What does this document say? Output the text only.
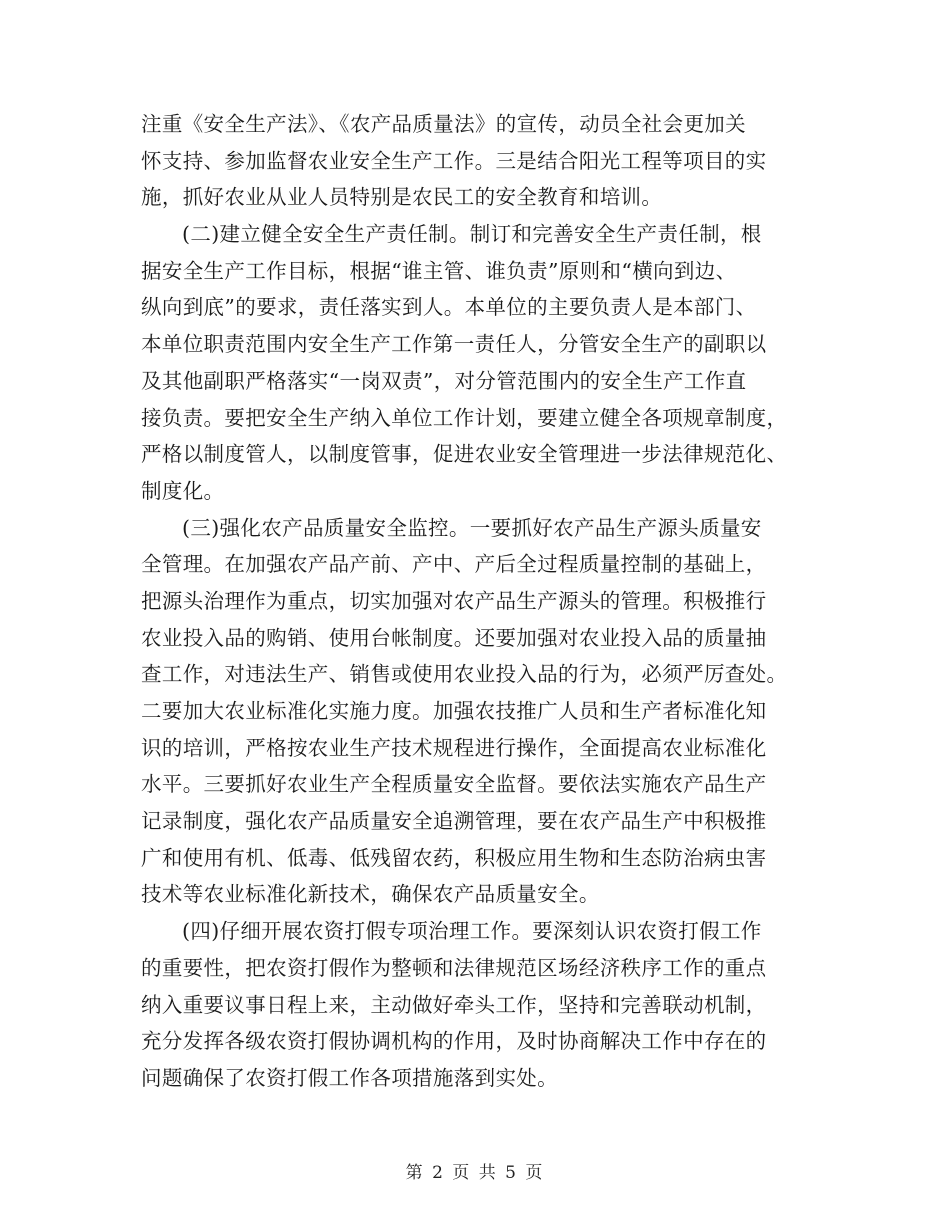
注重《安全生产法》、《农产品质量法》的宣传，动员全社会更加关
怀支持、参加监督农业安全生产工作。三是结合阳光工程等项目的实
施，抓好农业从业人员特别是农民工的安全教育和培训。
(二)建立健全安全生产责任制。制订和完善安全生产责任制，根
据安全生产工作目标，根据“谁主管、谁负责”原则和“横向到边、
纵向到底”的要求，责任落实到人。本单位的主要负责人是本部门、
本单位职责范围内安全生产工作第一责任人，分管安全生产的副职以
及其他副职严格落实“一岗双责”，对分管范围内的安全生产工作直
接负责。要把安全生产纳入单位工作计划，要建立健全各项规章制度，
严格以制度管人，以制度管事，促进农业安全管理进一步法律规范化、
制度化。
(三)强化农产品质量安全监控。一要抓好农产品生产源头质量安
全管理。在加强农产品产前、产中、产后全过程质量控制的基础上，
把源头治理作为重点，切实加强对农产品生产源头的管理。积极推行
农业投入品的购销、使用台帐制度。还要加强对农业投入品的质量抽
查工作，对违法生产、销售或使用农业投入品的行为，必须严厉查处。
二要加大农业标准化实施力度。加强农技推广人员和生产者标准化知
识的培训，严格按农业生产技术规程进行操作，全面提高农业标准化
水平。三要抓好农业生产全程质量安全监督。要依法实施农产品生产
记录制度，强化农产品质量安全追溯管理，要在农产品生产中积极推
广和使用有机、低毒、低残留农药，积极应用生物和生态防治病虫害
技术等农业标准化新技术，确保农产品质量安全。
(四)仔细开展农资打假专项治理工作。要深刻认识农资打假工作
的重要性，把农资打假作为整顿和法律规范区场经济秩序工作的重点
纳入重要议事日程上来，主动做好牵头工作，坚持和完善联动机制，
充分发挥各级农资打假协调机构的作用，及时协商解决工作中存在的
问题确保了农资打假工作各项措施落到实处。
第 2 页 共 5 页
